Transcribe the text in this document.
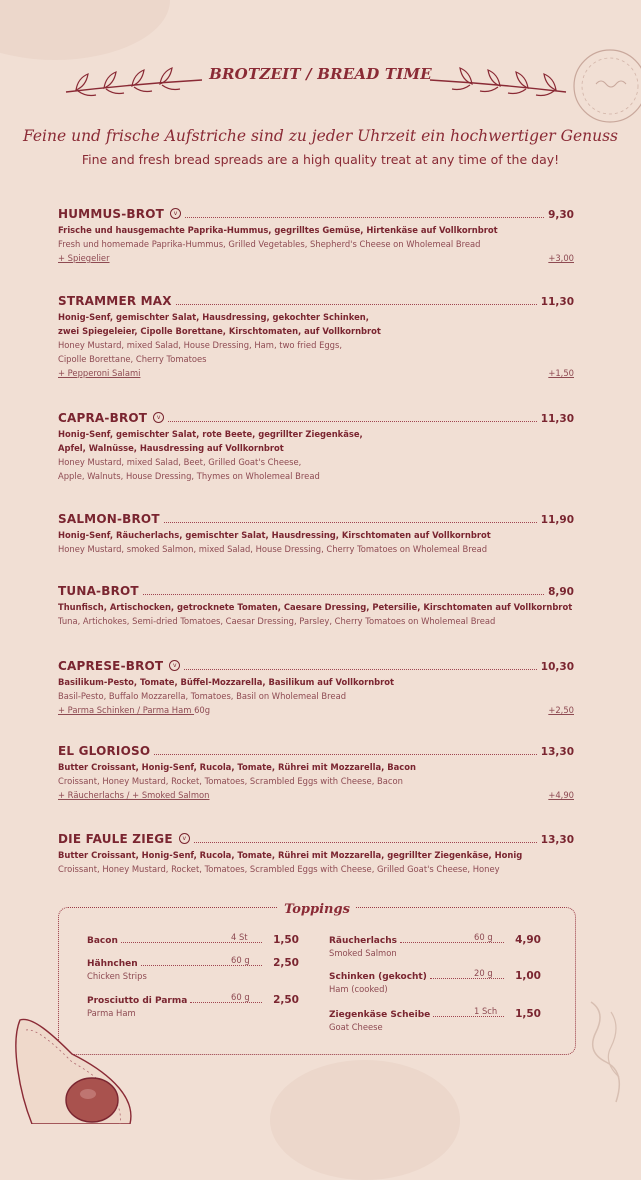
BROTZEIT / BREAD TIME
Feine und frische Aufstriche sind zu jeder Uhrzeit ein hochwertiger Genuss
Fine and fresh bread spreads are a high quality treat at any time of the day!
HUMMUS-BROT	v	9,30
Frische und hausgemachte Paprika-Hummus, gegrilltes Gemüse, Hirtenkäse auf Vollkornbrot
Fresh und homemade Paprika-Hummus, Grilled Vegetables, Shepherd's Cheese on Wholemeal Bread
+ Spiegelier	+3,00
STRAMMER MAX	11,30
Honig-Senf, gemischter Salat, Hausdressing, gekochter Schinken,
zwei Spiegeleier, Cipolle Borettane, Kirschtomaten, auf Vollkornbrot
Honey Mustard, mixed Salad, House Dressing, Ham, two fried Eggs,
Cipolle Borettane, Cherry Tomatoes
+ Pepperoni Salami	+1,50
CAPRA-BROT	v	11,30
Honig-Senf, gemischter Salat, rote Beete, gegrillter Ziegenkäse,
Apfel, Walnüsse, Hausdressing auf Vollkornbrot
Honey Mustard, mixed Salad, Beet, Grilled Goat's Cheese,
Apple, Walnuts, House Dressing, Thymes on Wholemeal Bread
SALMON-BROT	11,90
Honig-Senf, Räucherlachs, gemischter Salat, Hausdressing, Kirschtomaten auf Vollkornbrot
Honey Mustard, smoked Salmon, mixed Salad, House Dressing, Cherry Tomatoes on Wholemeal Bread
TUNA-BROT	8,90
Thunfisch, Artischocken, getrocknete Tomaten, Caesare Dressing, Petersilie, Kirschtomaten auf Vollkornbrot
Tuna, Artichokes, Semi-dried Tomatoes, Caesar Dressing, Parsley, Cherry Tomatoes on Wholemeal Bread
CAPRESE-BROT	v	10,30
Basilikum-Pesto, Tomate, Büffel-Mozzarella, Basilikum auf Vollkornbrot
Basil-Pesto, Buffalo Mozzarella, Tomatoes, Basil on Wholemeal Bread
+ Parma Schinken / Parma Ham 60g	+2,50
EL GLORIOSO	13,30
Butter Croissant, Honig-Senf, Rucola, Tomate, Rührei mit Mozzarella, Bacon
Croissant, Honey Mustard, Rocket, Tomatoes, Scrambled Eggs with Cheese, Bacon
+ Räucherlachs / + Smoked Salmon	+4,90
DIE FAULE ZIEGE	v	13,30
Butter Croissant, Honig-Senf, Rucola, Tomate, Rührei mit Mozzarella, gegrillter Ziegenkäse, Honig
Croissant, Honey Mustard, Rocket, Tomatoes, Scrambled Eggs with Cheese, Grilled Goat's Cheese, Honey
Toppings
Bacon	1,50
4 St
Hähnchen	2,50
60 g
Chicken Strips
Prosciutto di Parma	2,50
60 g
Parma Ham
Räucherlachs	4,90
60 g
Smoked Salmon
Schinken (gekocht)	1,00
20 g
Ham (cooked)
Ziegenkäse Scheibe	1,50
1 Sch
Goat Cheese
